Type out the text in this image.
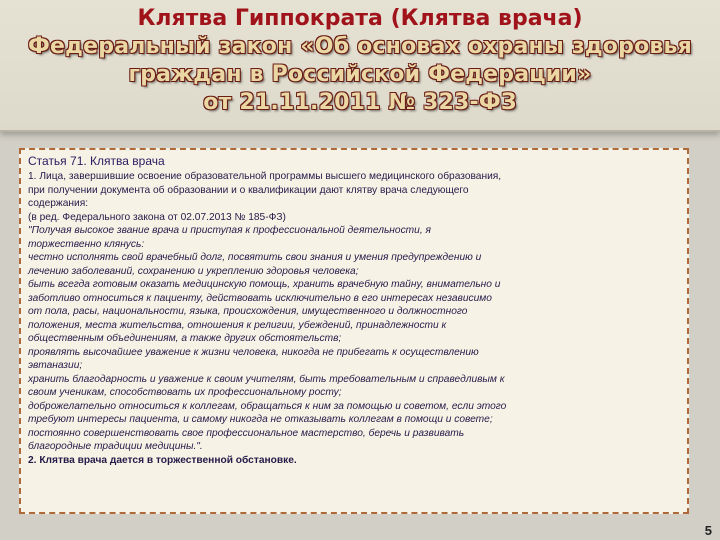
Клятва Гиппократа (Клятва врача)

Федеральный закон «Об основах охраны здоровья

граждан в Российской Федерации»

от 21.11.2011 № 323-ФЗ

Статья 71. Клятва врача

1. Лица, завершившие освоение образовательной программы высшего медицинского образования,

при получении документа об образовании и о квалификации дают клятву врача следующего

содержания:

(в ред. Федерального закона от 02.07.2013 № 185-ФЗ)

"Получая высокое звание врача и приступая к профессиональной деятельности, я

торжественно клянусь:

честно исполнять свой врачебный долг, посвятить свои знания и умения предупреждению и

лечению заболеваний, сохранению и укреплению здоровья человека;

быть всегда готовым оказать медицинскую помощь, хранить врачебную тайну, внимательно и

заботливо относиться к пациенту, действовать исключительно в его интересах независимо

от пола, расы, национальности, языка, происхождения, имущественного и должностного

положения, места жительства, отношения к религии, убеждений, принадлежности к

общественным объединениям, а также других обстоятельств;

проявлять высочайшее уважение к жизни человека, никогда не прибегать к осуществлению

эвтаназии;

хранить благодарность и уважение к своим учителям, быть требовательным и справедливым к

своим ученикам, способствовать их профессиональному росту;

доброжелательно относиться к коллегам, обращаться к ним за помощью и советом, если этого

требуют интересы пациента, и самому никогда не отказывать коллегам в помощи и совете;

постоянно совершенствовать свое профессиональное мастерство, беречь и развивать

благородные традиции медицины.".

2. Клятва врача дается в торжественной обстановке.

5
